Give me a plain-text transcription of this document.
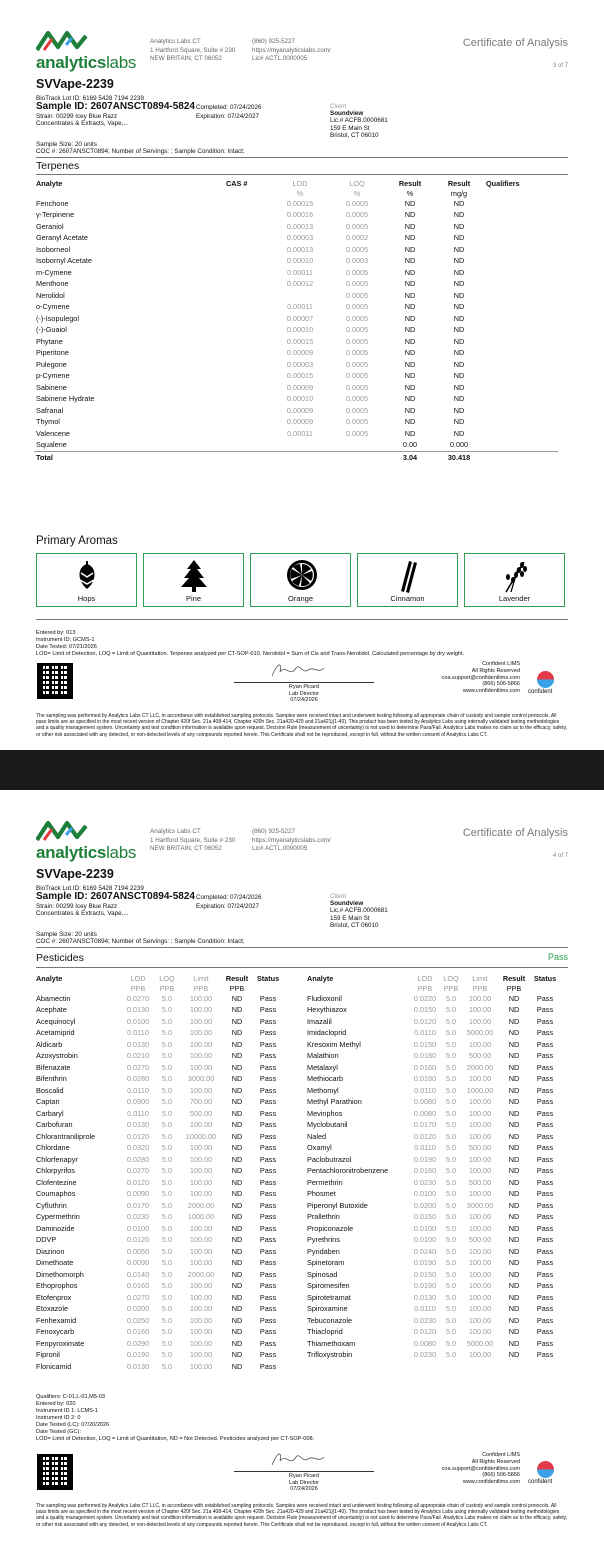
analyticslabs
Analytics Labs CT
1 Hartford Square, Suite # 230
NEW BRITAIN, CT 06052
(860) 925-5227
https://myanalyticslabs.com/
Lic# ACTL.0000005
Certificate of Analysis
3 of 7
SVVape-2239
BioTrack Lot ID: 6169 5428 7194 2239
Sample ID: 2607ANSCT0894-5824
Strain: 00299 Icey Blue Razz
Concentrates & Extracts, Vape,...
Completed: 07/24/2026
Expiration: 07/24/2027
Client
Soundview
Lic.# ACFB.0000681
159 E Main St
Bristol, CT 06010
Sample Size: 20 units
COC #: 2607ANSCT0894; Number of Servings: ; Sample Condition: Intact;
Terpenes
Analyte	CAS #	LOD	LOQ	Result	Result	Qualifiers
		%	%	%	mg/g	
Fenchone		0.00015	0.0005	ND	ND	
γ-Terpinene		0.00016	0.0005	ND	ND	
Geraniol		0.00013	0.0005	ND	ND	
Geranyl Acetate		0.00003	0.0002	ND	ND	
Isoborneol		0.00013	0.0005	ND	ND	
Isobornyl Acetate		0.00010	0.0003	ND	ND	
m-Cymene		0.00011	0.0005	ND	ND	
Menthone		0.00012	0.0005	ND	ND	
Nerolidol			0.0005	ND	ND	
o-Cymene		0.00011	0.0005	ND	ND	
(-)-Isopulegol		0.00007	0.0005	ND	ND	
(-)-Guaiol		0.00010	0.0005	ND	ND	
Phytane		0.00015	0.0005	ND	ND	
Piperitone		0.00009	0.0005	ND	ND	
Pulegone		0.00003	0.0005	ND	ND	
p-Cymene		0.00015	0.0005	ND	ND	
Sabinene		0.00009	0.0005	ND	ND	
Sabinene Hydrate		0.00010	0.0005	ND	ND	
Safranal		0.00009	0.0005	ND	ND	
Thymol		0.00009	0.0005	ND	ND	
Valencene		0.00011	0.0005	ND	ND	
Squalene				0.00	0.000	
Total				3.04	30.418	
Primary Aromas
Hops	Pine	Orange	Cinnamon	Lavender
Entered by: 013
Instrument ID: GCMS-1
Date Tested: 07/21/2026
LOD= Limit of Detection, LOQ = Limit of Quantitation. Terpenes analyzed per CT-SOP-010. Nerolidol = Sum of Cis and Trans-Nerolidol. Calculated percentage by dry weight.
Ryan Picard
Lab Director
07/24/2026
Confident LIMS
All Rights Reserved
coa.support@confidentlims.com
(866) 506-5866
www.confidentlims.com confident
The sampling was performed by Analytics Labs CT LLC, in accordance with established sampling protocols. Samples were received intact and underwent testing following all appropriate chain of custody and sample control protocols. All pass limits are as specified in the most recent version of Chapter 420f Sec. 21a 408-414, Chapter 420h Sec. 21a420-429 and 21a421j(1-40). This product has been tested by Analytics Labs using internally validated testing methodologies and a quality management system. Uncertainty and test condition information is available upon request. Decision Rule (measurement of uncertainty) is not used to determine Pass/Fail. Analytics Labs makes no claim as to the efficacy, safety, or other risk associated with any detected, or non-detected levels of any compounds reported herein. This Certificate shall not be reproduced, except in full, without the written consent of Analytics Labs CT.
analyticslabs
Analytics Labs CT
1 Hartford Square, Suite # 230
NEW BRITAIN, CT 06052
(860) 925-5227
https://myanalyticslabs.com/
Lic# ACTL.0000005
Certificate of Analysis
4 of 7
SVVape-2239
BioTrack Lot ID: 6169 5428 7194 2239
Sample ID: 2607ANSCT0894-5824
Strain: 00299 Icey Blue Razz
Concentrates & Extracts, Vape,...
Completed: 07/24/2026
Expiration: 07/24/2027
Client
Soundview
Lic.# ACFB.0000681
159 E Main St
Bristol, CT 06010
Sample Size: 20 units
COC #: 2607ANSCT0894; Number of Servings: ; Sample Condition: Intact;
Pesticides	Pass
Analyte	LOD	LOQ	Limit	Result	Status
	PPB	PPB	PPB	PPB	
Abamectin	0.0270	5.0	100.00	ND	Pass
Acephate	0.0130	5.0	100.00	ND	Pass
Acequinocyl	0.0100	5.0	100.00	ND	Pass
Acetamiprid	0.0110	5.0	100.00	ND	Pass
Aldicarb	0.0130	5.0	100.00	ND	Pass
Azoxystrobin	0.0210	5.0	100.00	ND	Pass
Bifenazate	0.0270	5.0	100.00	ND	Pass
Bifenthrin	0.0280	5.0	3000.00	ND	Pass
Boscalid	0.0110	5.0	100.00	ND	Pass
Captan	0.0900	5.0	700.00	ND	Pass
Carbaryl	0.0110	5.0	500.00	ND	Pass
Carbofuran	0.0130	5.0	100.00	ND	Pass
Chlorantraniliprole	0.0120	5.0	10000.00	ND	Pass
Chlordane	0.0320	5.0	100.00	ND	Pass
Chlorfenapyr	0.0280	5.0	100.00	ND	Pass
Chlorpyrifos	0.0270	5.0	100.00	ND	Pass
Clofentezine	0.0120	5.0	100.00	ND	Pass
Coumaphos	0.0090	5.0	100.00	ND	Pass
Cyfluthrin	0.0170	5.0	2000.00	ND	Pass
Cypermethrin	0.0230	5.0	1000.00	ND	Pass
Daminozide	0.0100	5.0	100.00	ND	Pass
DDVP	0.0120	5.0	100.00	ND	Pass
Diazinon	0.0050	5.0	100.00	ND	Pass
Dimethoate	0.0090	5.0	100.00	ND	Pass
Dimethomorph	0.0140	5.0	2000.00	ND	Pass
Ethoprophos	0.0160	5.0	100.00	ND	Pass
Etofenprox	0.0270	5.0	100.00	ND	Pass
Etoxazole	0.0200	5.0	100.00	ND	Pass
Fenhexamid	0.0250	5.0	100.00	ND	Pass
Fenoxycarb	0.0160	5.0	100.00	ND	Pass
Fenpyroximate	0.0290	5.0	100.00	ND	Pass
Fipronil	0.0190	5.0	100.00	ND	Pass
Flonicamid	0.0130	5.0	100.00	ND	Pass
Analyte	LOD	LOQ	Limit	Result	Status
	PPB	PPB	PPB	PPB	
Fludioxonil	0.0220	5.0	100.00	ND	Pass
Hexythiazox	0.0150	5.0	100.00	ND	Pass
Imazalil	0.0120	5.0	100.00	ND	Pass
Imidacloprid	0.0110	5.0	5000.00	ND	Pass
Kresoxim Methyl	0.0150	5.0	100.00	ND	Pass
Malathion	0.0180	5.0	500.00	ND	Pass
Metalaxyl	0.0160	5.0	2000.00	ND	Pass
Methiocarb	0.0180	5.0	100.00	ND	Pass
Methomyl	0.0110	5.0	1000.00	ND	Pass
Methyl Parathion	0.0080	5.0	100.00	ND	Pass
Mevinphos	0.0080	5.0	100.00	ND	Pass
Myclobutanil	0.0170	5.0	100.00	ND	Pass
Naled	0.0120	5.0	100.00	ND	Pass
Oxamyl	0.0110	5.0	500.00	ND	Pass
Paclobutrazol	0.0190	5.0	100.00	ND	Pass
Pentachloronitrobenzene	0.0160	5.0	100.00	ND	Pass
Permethrin	0.0230	5.0	500.00	ND	Pass
Phosmet	0.0100	5.0	100.00	ND	Pass
Piperonyl Butoxide	0.0200	5.0	3000.00	ND	Pass
Prallethrin	0.0150	5.0	100.00	ND	Pass
Propiconazole	0.0100	5.0	100.00	ND	Pass
Pyrethrins	0.0100	5.0	500.00	ND	Pass
Pyridaben	0.0240	5.0	100.00	ND	Pass
Spinetoram	0.0190	5.0	100.00	ND	Pass
Spinosad	0.0150	5.0	100.00	ND	Pass
Spiromesifen	0.0190	5.0	100.00	ND	Pass
Spirotetramat	0.0130	5.0	100.00	ND	Pass
Spiroxamine	0.0110	5.0	100.00	ND	Pass
Tebuconazole	0.0230	5.0	100.00	ND	Pass
Thiacloprid	0.0120	5.0	100.00	ND	Pass
Thiamethoxam	0.0080	5.0	5000.00	ND	Pass
Trifloxystrobin	0.0230	5.0	100.00	ND	Pass
Qualifiers: C-01,L-01,M5-03
Entered by: 020
Instrument ID 1: LCMS-1
Instrument ID 2: 0
Date Tested (LC): 07/20/2026
Date Tested (GC):
LOD= Limit of Detection, LOQ = Limit of Quantitation, ND = Not Detected. Pesticides analyzed per CT-SOP-008.
Ryan Picard
Lab Director
07/24/2026
Confident LIMS
All Rights Reserved
coa.support@confidentlims.com
(866) 506-5866
www.confidentlims.com confident
The sampling was performed by Analytics Labs CT LLC, in accordance with established sampling protocols. Samples were received intact and underwent testing following all appropriate chain of custody and sample control protocols. All pass limits are as specified in the most recent version of Chapter 420f Sec. 21a 408-414, Chapter 420h Sec. 21a420-429 and 21a421j(1-40). This product has been tested by Analytics Labs using internally validated testing methodologies and a quality management system. Uncertainty and test condition information is available upon request. Decision Rule (measurement of uncertainty) is not used to determine Pass/Fail. Analytics Labs makes no claim as to the efficacy, safety, or other risk associated with any detected, or non-detected levels of any compounds reported herein. This Certificate shall not be reproduced, except in full, without the written consent of Analytics Labs CT.
